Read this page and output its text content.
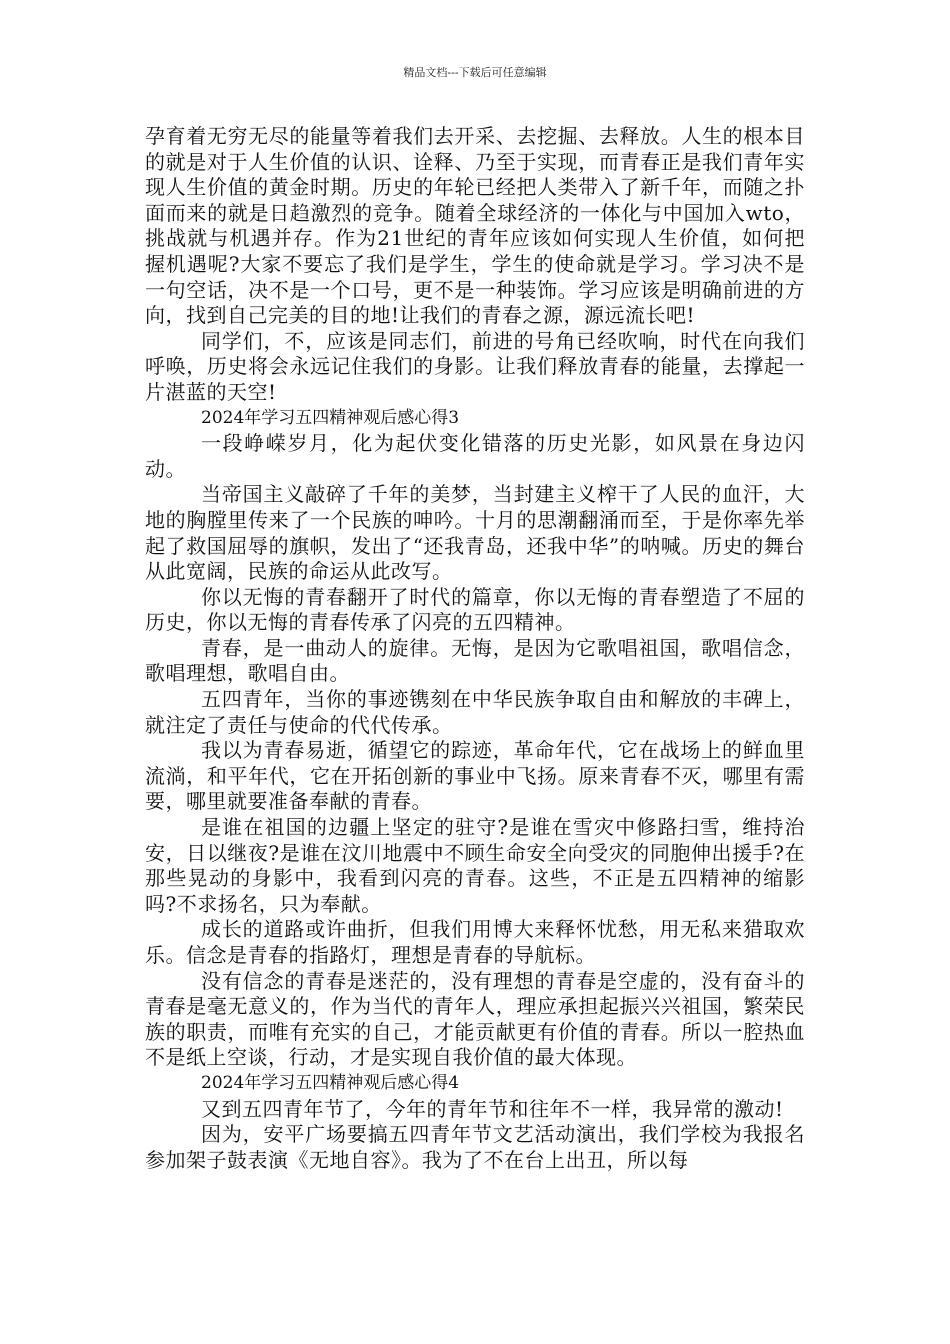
精品文档---下载后可任意编辑

孕育着无穷无尽的能量等着我们去开采、去挖掘、去释放。人生的根本目的就是对于人生价值的认识、诠释、乃至于实现，而青春正是我们青年实现人生价值的黄金时期。历史的年轮已经把人类带入了新千年，而随之扑面而来的就是日趋激烈的竞争。随着全球经济的一体化与中国加入wto，挑战就与机遇并存。作为21世纪的青年应该如何实现人生价值，如何把握机遇呢?大家不要忘了我们是学生，学生的使命就是学习。学习决不是一句空话，决不是一个口号，更不是一种装饰。学习应该是明确前进的方向，找到自己完美的目的地!让我们的青春之源，源远流长吧!

同学们，不，应该是同志们，前进的号角已经吹响，时代在向我们呼唤，历史将会永远记住我们的身影。让我们释放青春的能量，去撑起一片湛蓝的天空!

2024年学习五四精神观后感心得3

一段峥嵘岁月，化为起伏变化错落的历史光影，如风景在身边闪动。

当帝国主义敲碎了千年的美梦，当封建主义榨干了人民的血汗，大地的胸膛里传来了一个民族的呻吟。十月的思潮翻涌而至，于是你率先举起了救国屈辱的旗帜，发出了“还我青岛，还我中华”的呐喊。历史的舞台从此宽阔，民族的命运从此改写。

你以无悔的青春翻开了时代的篇章，你以无悔的青春塑造了不屈的历史，你以无悔的青春传承了闪亮的五四精神。

青春，是一曲动人的旋律。无悔，是因为它歌唱祖国，歌唱信念，歌唱理想，歌唱自由。

五四青年，当你的事迹镌刻在中华民族争取自由和解放的丰碑上，就注定了责任与使命的代代传承。

我以为青春易逝，循望它的踪迹，革命年代，它在战场上的鲜血里流淌，和平年代，它在开拓创新的事业中飞扬。原来青春不灭，哪里有需要，哪里就要准备奉献的青春。

是谁在祖国的边疆上坚定的驻守?是谁在雪灾中修路扫雪，维持治安，日以继夜?是谁在汶川地震中不顾生命安全向受灾的同胞伸出援手?在那些晃动的身影中，我看到闪亮的青春。这些，不正是五四精神的缩影吗?不求扬名，只为奉献。

成长的道路或许曲折，但我们用博大来释怀忧愁，用无私来猎取欢乐。信念是青春的指路灯，理想是青春的导航标。

没有信念的青春是迷茫的，没有理想的青春是空虚的，没有奋斗的青春是毫无意义的，作为当代的青年人，理应承担起振兴兴祖国，繁荣民族的职责，而唯有充实的自己，才能贡献更有价值的青春。所以一腔热血不是纸上空谈，行动，才是实现自我价值的最大体现。

2024年学习五四精神观后感心得4

又到五四青年节了，今年的青年节和往年不一样，我异常的激动!

因为，安平广场要搞五四青年节文艺活动演出，我们学校为我报名参加架子鼓表演《无地自容》。我为了不在台上出丑，所以每
